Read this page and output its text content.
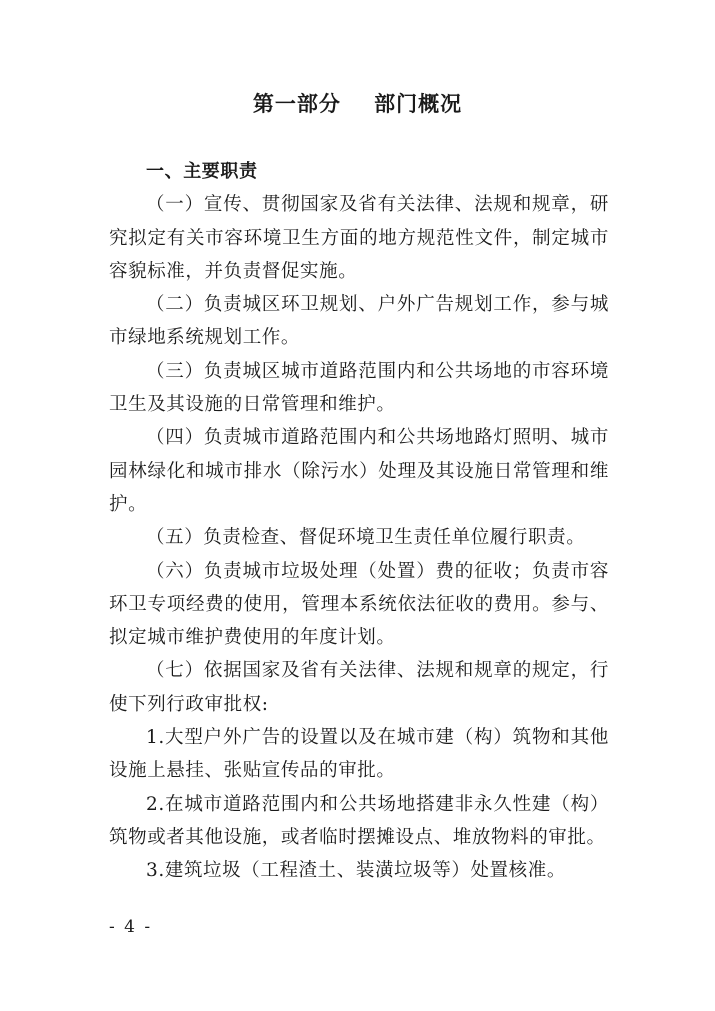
第一部分    部门概况

一、主要职责

（一）宣传、贯彻国家及省有关法律、法规和规章，研究拟定有关市容环境卫生方面的地方规范性文件，制定城市容貌标准，并负责督促实施。

（二）负责城区环卫规划、户外广告规划工作，参与城市绿地系统规划工作。

（三）负责城区城市道路范围内和公共场地的市容环境卫生及其设施的日常管理和维护。

（四）负责城市道路范围内和公共场地路灯照明、城市园林绿化和城市排水（除污水）处理及其设施日常管理和维护。

（五）负责检查、督促环境卫生责任单位履行职责。

（六）负责城市垃圾处理（处置）费的征收；负责市容环卫专项经费的使用，管理本系统依法征收的费用。参与、拟定城市维护费使用的年度计划。

（七）依据国家及省有关法律、法规和规章的规定，行使下列行政审批权:

1.大型户外广告的设置以及在城市建（构）筑物和其他设施上悬挂、张贴宣传品的审批。

2.在城市道路范围内和公共场地搭建非永久性建（构）筑物或者其他设施，或者临时摆摊设点、堆放物料的审批。

3.建筑垃圾（工程渣土、装潢垃圾等）处置核准。

- 4 -
